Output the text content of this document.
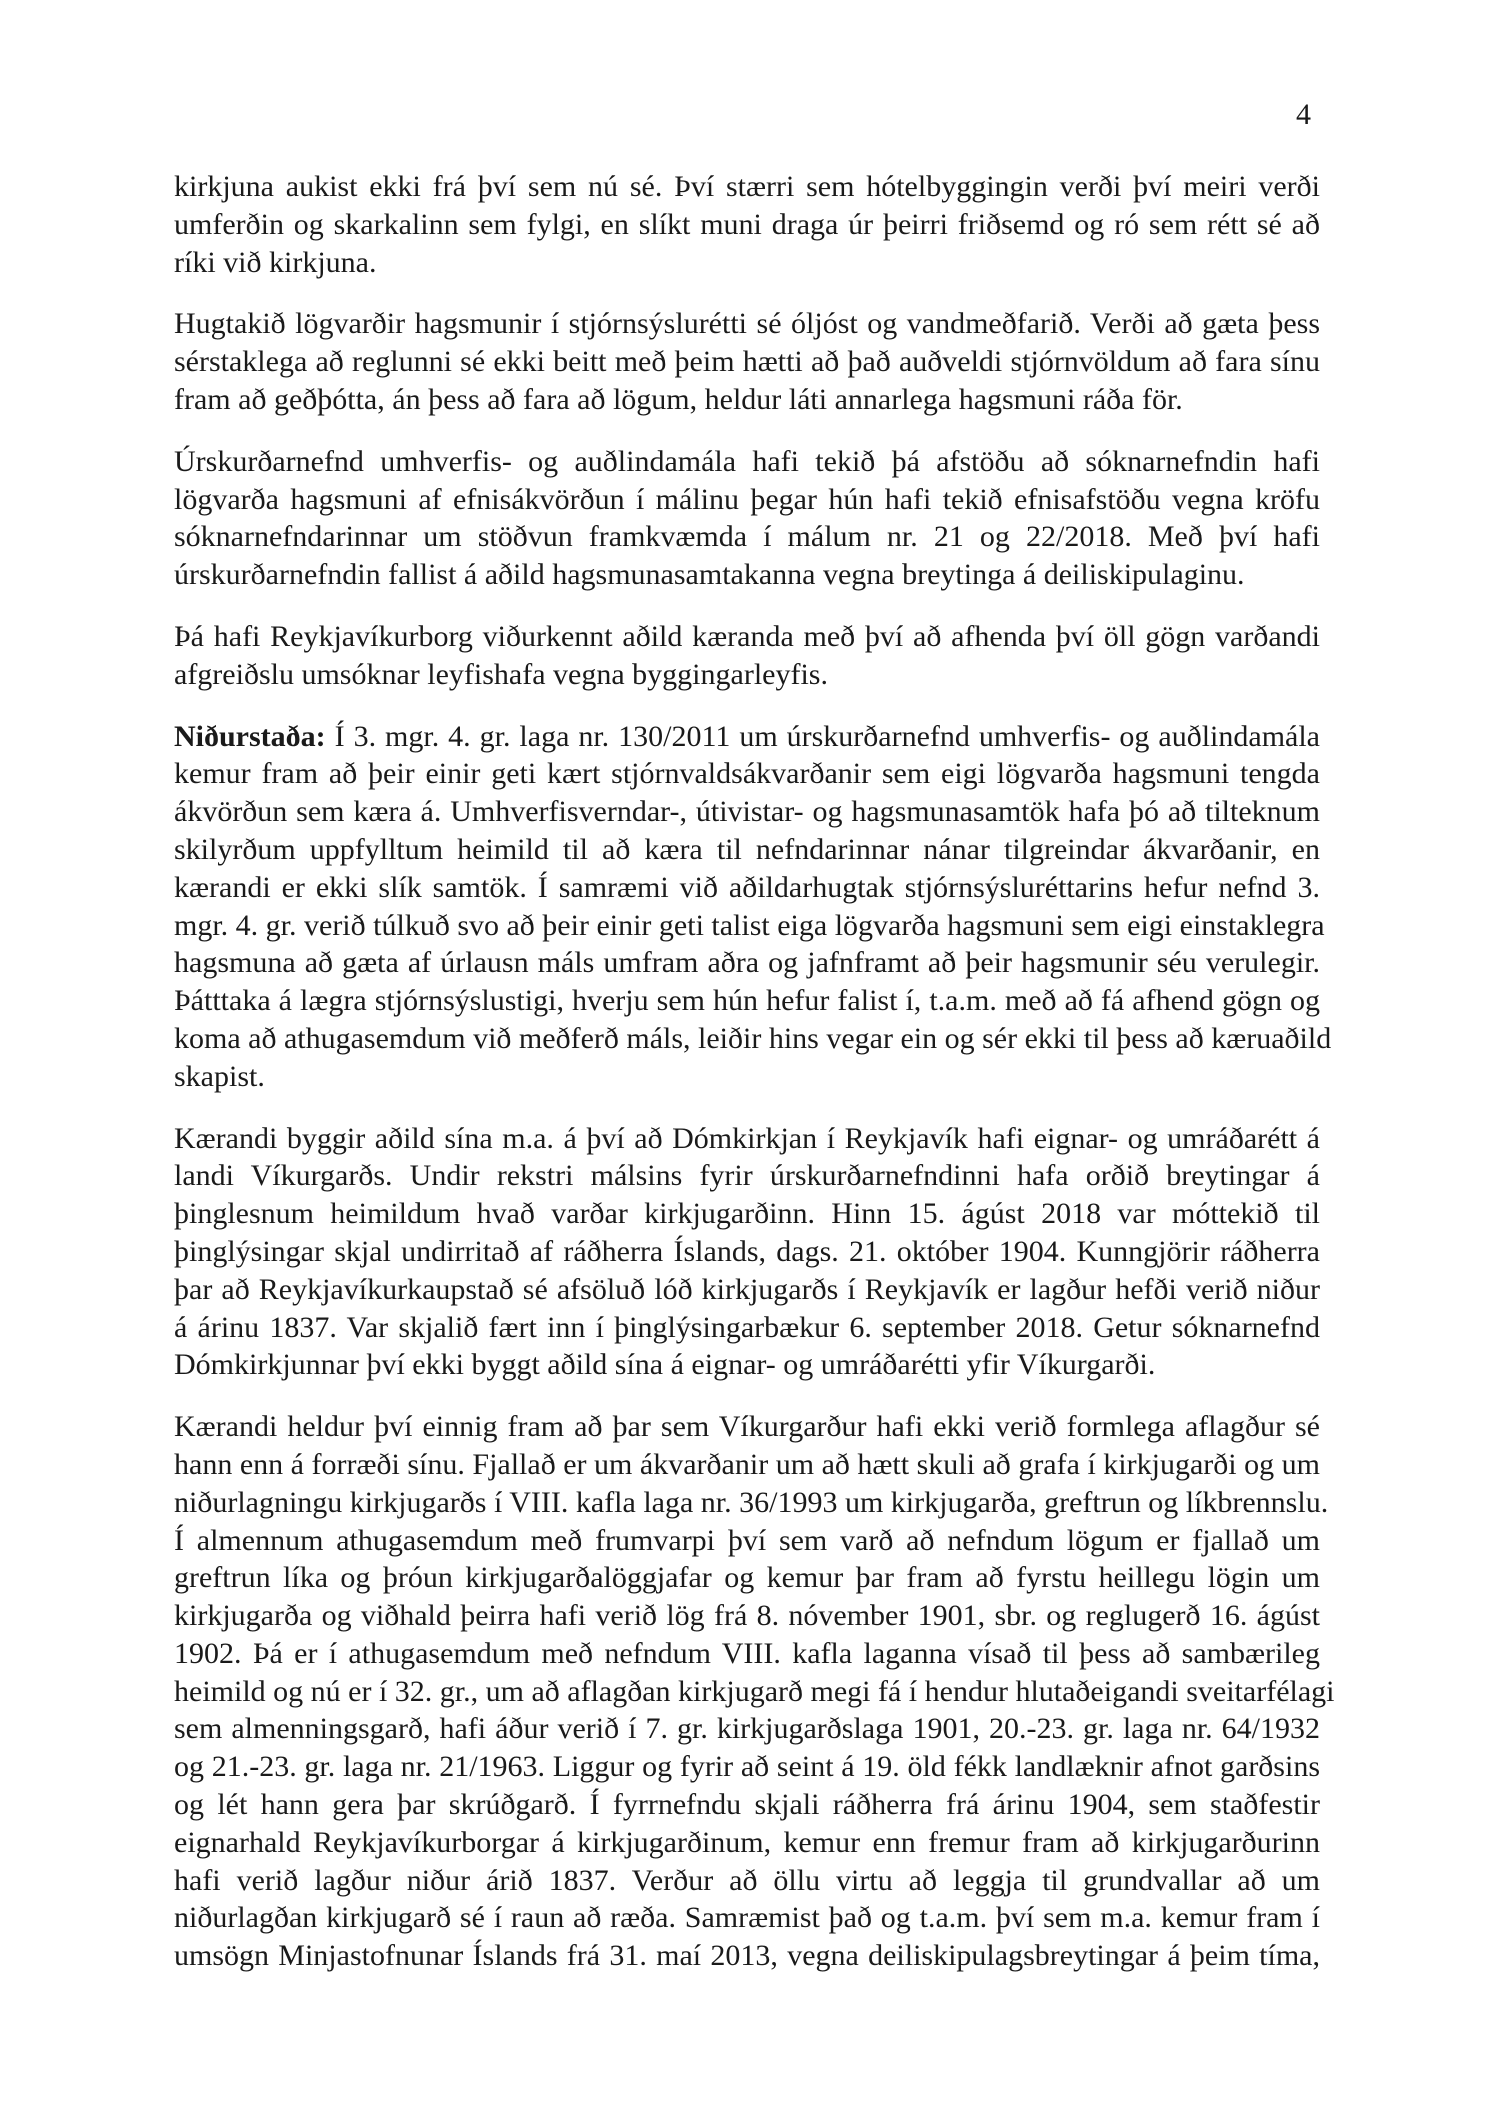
4
kirkjuna aukist ekki frá því sem nú sé. Því stærri sem hótelbyggingin verði því meiri verði
umferðin og skarkalinn sem fylgi, en slíkt muni draga úr þeirri friðsemd og ró sem rétt sé að
ríki við kirkjuna.
Hugtakið lögvarðir hagsmunir í stjórnsýslurétti sé óljóst og vandmeðfarið. Verði að gæta þess
sérstaklega að reglunni sé ekki beitt með þeim hætti að það auðveldi stjórnvöldum að fara sínu
fram að geðþótta, án þess að fara að lögum, heldur láti annarlega hagsmuni ráða för.
Úrskurðarnefnd umhverfis- og auðlindamála hafi tekið þá afstöðu að sóknarnefndin hafi
lögvarða hagsmuni af efnisákvörðun í málinu þegar hún hafi tekið efnisafstöðu vegna kröfu
sóknarnefndarinnar um stöðvun framkvæmda í málum nr. 21 og 22/2018. Með því hafi
úrskurðarnefndin fallist á aðild hagsmunasamtakanna vegna breytinga á deiliskipulaginu.
Þá hafi Reykjavíkurborg viðurkennt aðild kæranda með því að afhenda því öll gögn varðandi
afgreiðslu umsóknar leyfishafa vegna byggingarleyfis.
Niðurstaða: Í 3. mgr. 4. gr. laga nr. 130/2011 um úrskurðarnefnd umhverfis- og auðlindamála
kemur fram að þeir einir geti kært stjórnvaldsákvarðanir sem eigi lögvarða hagsmuni tengda
ákvörðun sem kæra á. Umhverfisverndar-, útivistar- og hagsmunasamtök hafa þó að tilteknum
skilyrðum uppfylltum heimild til að kæra til nefndarinnar nánar tilgreindar ákvarðanir, en
kærandi er ekki slík samtök. Í samræmi við aðildarhugtak stjórnsýsluréttarins hefur nefnd 3.
mgr. 4. gr. verið túlkuð svo að þeir einir geti talist eiga lögvarða hagsmuni sem eigi einstaklegra
hagsmuna að gæta af úrlausn máls umfram aðra og jafnframt að þeir hagsmunir séu verulegir.
Þátttaka á lægra stjórnsýslustigi, hverju sem hún hefur falist í, t.a.m. með að fá afhend gögn og
koma að athugasemdum við meðferð máls, leiðir hins vegar ein og sér ekki til þess að kæruaðild
skapist.
Kærandi byggir aðild sína m.a. á því að Dómkirkjan í Reykjavík hafi eignar- og umráðarétt á
landi Víkurgarðs. Undir rekstri málsins fyrir úrskurðarnefndinni hafa orðið breytingar á
þinglesnum heimildum hvað varðar kirkjugarðinn. Hinn 15. ágúst 2018 var móttekið til
þinglýsingar skjal undirritað af ráðherra Íslands, dags. 21. október 1904. Kunngjörir ráðherra
þar að Reykjavíkurkaupstað sé afsöluð lóð kirkjugarðs í Reykjavík er lagður hefði verið niður
á árinu 1837. Var skjalið fært inn í þinglýsingarbækur 6. september 2018. Getur sóknarnefnd
Dómkirkjunnar því ekki byggt aðild sína á eignar- og umráðarétti yfir Víkurgarði.
Kærandi heldur því einnig fram að þar sem Víkurgarður hafi ekki verið formlega aflagður sé
hann enn á forræði sínu. Fjallað er um ákvarðanir um að hætt skuli að grafa í kirkjugarði og um
niðurlagningu kirkjugarðs í VIII. kafla laga nr. 36/1993 um kirkjugarða, greftrun og líkbrennslu.
Í almennum athugasemdum með frumvarpi því sem varð að nefndum lögum er fjallað um
greftrun líka og þróun kirkjugarðalöggjafar og kemur þar fram að fyrstu heillegu lögin um
kirkjugarða og viðhald þeirra hafi verið lög frá 8. nóvember 1901, sbr. og reglugerð 16. ágúst
1902. Þá er í athugasemdum með nefndum VIII. kafla laganna vísað til þess að sambærileg
heimild og nú er í 32. gr., um að aflagðan kirkjugarð megi fá í hendur hlutaðeigandi sveitarfélagi
sem almenningsgarð, hafi áður verið í 7. gr. kirkjugarðslaga 1901, 20.-23. gr. laga nr. 64/1932
og 21.-23. gr. laga nr. 21/1963. Liggur og fyrir að seint á 19. öld fékk landlæknir afnot garðsins
og lét hann gera þar skrúðgarð. Í fyrrnefndu skjali ráðherra frá árinu 1904, sem staðfestir
eignarhald Reykjavíkurborgar á kirkjugarðinum, kemur enn fremur fram að kirkjugarðurinn
hafi verið lagður niður árið 1837. Verður að öllu virtu að leggja til grundvallar að um
niðurlagðan kirkjugarð sé í raun að ræða. Samræmist það og t.a.m. því sem m.a. kemur fram í
umsögn Minjastofnunar Íslands frá 31. maí 2013, vegna deiliskipulagsbreytingar á þeim tíma,
